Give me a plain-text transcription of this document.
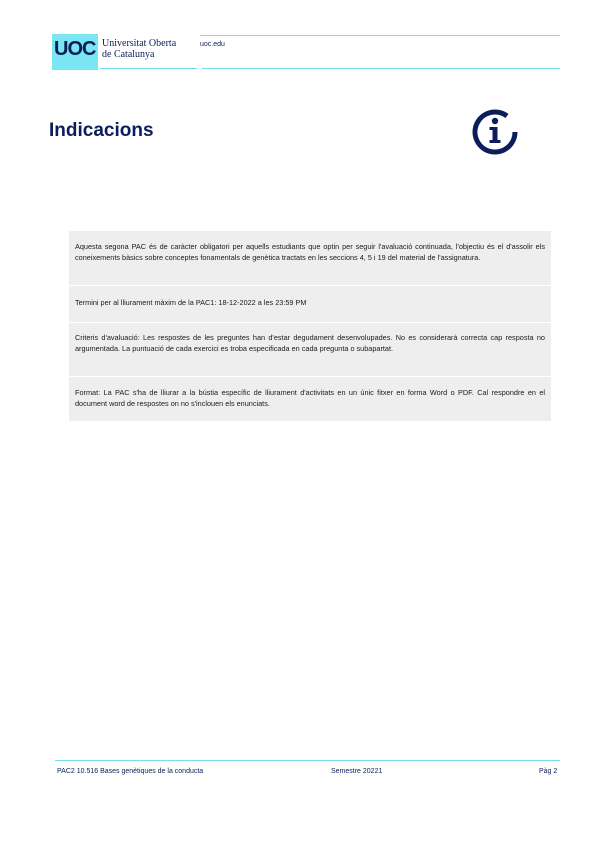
UOC Universitat Oberta
de Catalunya
uoc.edu
Indicacions
Aquesta segona PAC és de caràcter obligatori per aquells estudiants que optin per seguir l'avaluació continuada, l'objectiu és el d'assolir els coneixements bàsics sobre conceptes fonamentals de genètica tractats en les seccions 4, 5 i 19 del material de l'assignatura.
Termini per al lliurament màxim de la PAC1: 18-12-2022 a les 23:59 PM
Criteris d'avaluació: Les respostes de les preguntes han d'estar degudament desenvolupades. No es considerarà correcta cap resposta no argumentada. La puntuació de cada exercici es troba especificada en cada pregunta o subapartat.
Format: La PAC s'ha de lliurar a la bústia específic de lliurament d'activitats en un únic fitxer en forma Word o PDF. Cal respondre en el document word de respostes on no s'inclouen els enunciats.
PAC2 10.516 Bases genètiques de la conducta	Semestre 20221	Pàg 2
